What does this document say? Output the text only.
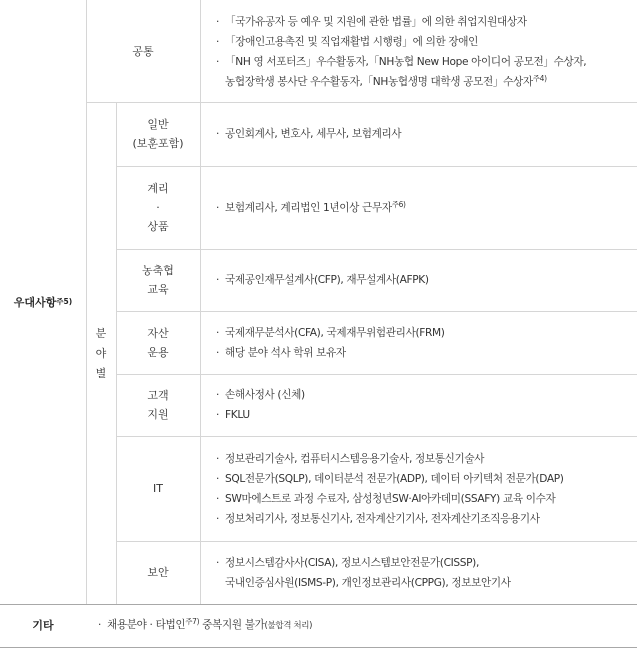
우대사항 주5)
공통
· 「국가유공자 등 예우 및 지원에 관한 법률」에 의한 취업지원대상자
· 「장애인고용촉진 및 직업재활법 시행령」에 의한 장애인
· 「NH 영 서포터즈」우수활동자,「NH농협 New Hope 아이디어 공모전」수상자,
농협장학생 봉사단 우수활동자,「NH농협생명 대학생 공모전」수상자$^{주4)}$
분
야
별
일반
(보훈포함)
· 공인회계사, 변호사, 세무사, 보험계리사
계리
·
상품
· 보험계리사, 계리법인 1년이상 근무자$^{주6)}$
농축협
교육
· 국제공인재무설계사(CFP), 재무설계사(AFPK)
자산
운용
· 국제재무분석사(CFA), 국제재무위험관리사(FRM)
· 해당 분야 석사 학위 보유자
고객
지원
· 손해사정사 (신체)
· FKLU
IT
· 정보관리기술사, 컴퓨터시스템응용기술사, 정보통신기술사
· SQL전문가(SQLP), 데이터분석 전문가(ADP), 데이터 아키텍처 전문가(DAP)
· SW마에스트로 과정 수료자, 삼성청년SW·AI아카데미(SSAFY) 교육 이수자
· 정보처리기사, 정보통신기사, 전자계산기기사, 전자계산기조직응용기사
보안
· 정보시스템감사사(CISA), 정보시스템보안전문가(CISSP),
국내인증심사원(ISMS-P), 개인정보관리사(CPPG), 정보보안기사
기타	· 채용분야 · 타법인$^{주7)}$ 중복지원 불가(불합격 처리)
